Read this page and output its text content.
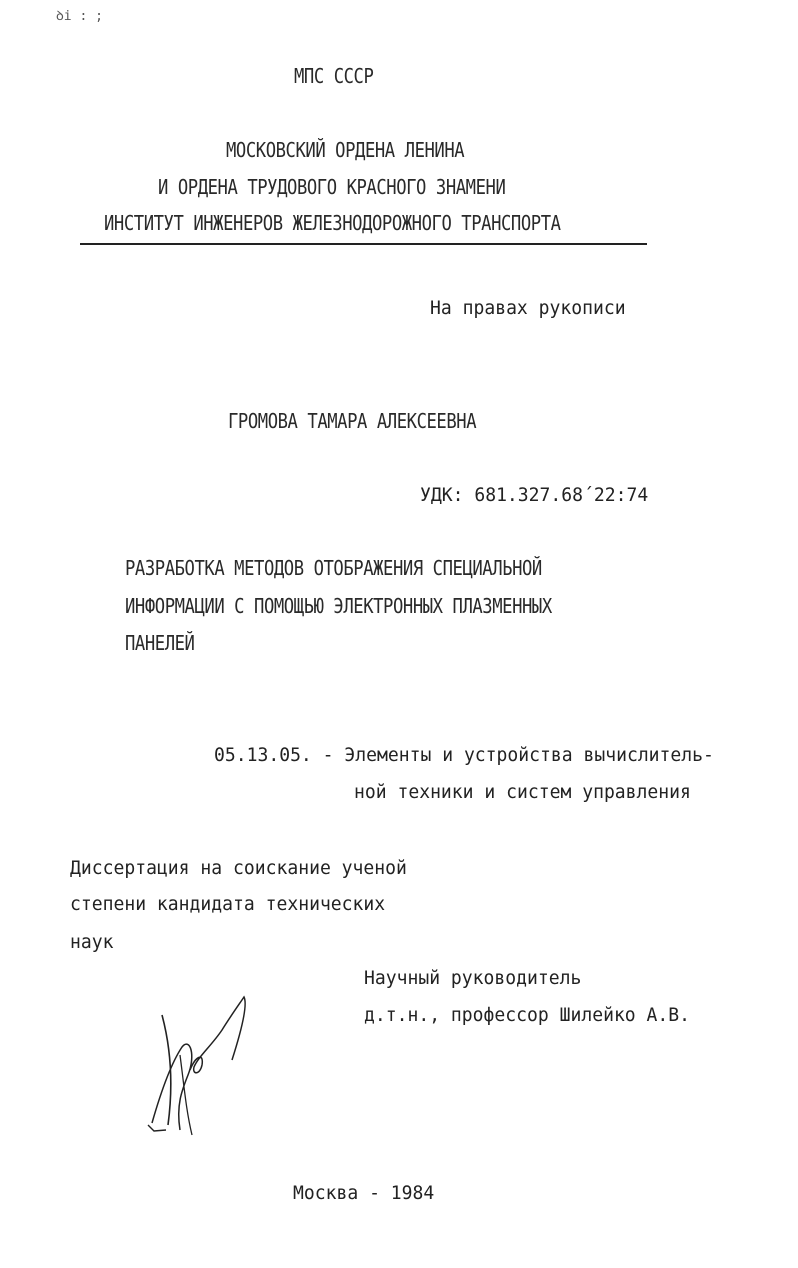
ꝺi : ;
МПС СССР
МОСКОВСКИЙ ОРДЕНА ЛЕНИНА
И ОРДЕНА ТРУДОВОГО КРАСНОГО ЗНАМЕНИ
ИНСТИТУТ ИНЖЕНЕРОВ ЖЕЛЕЗНОДОРОЖНОГО ТРАНСПОРТА
На правах рукописи
ГРОМОВА ТАМАРА АЛЕКСЕЕВНА
УДК: 681.327.68´22:74
РАЗРАБОТКА МЕТОДОВ ОТОБРАЖЕНИЯ СПЕЦИАЛЬНОЙ
ИНФОРМАЦИИ С ПОМОЩЬЮ ЭЛЕКТРОННЫХ ПЛАЗМЕННЫХ
ПАНЕЛЕЙ
05.13.05. - Элементы и устройства вычислитель-
ной техники и систем управления
Диссертация на соискание ученой
степени кандидата технических
наук
Научный руководитель
д.т.н., профессор Шилейко А.В.
Москва - 1984
